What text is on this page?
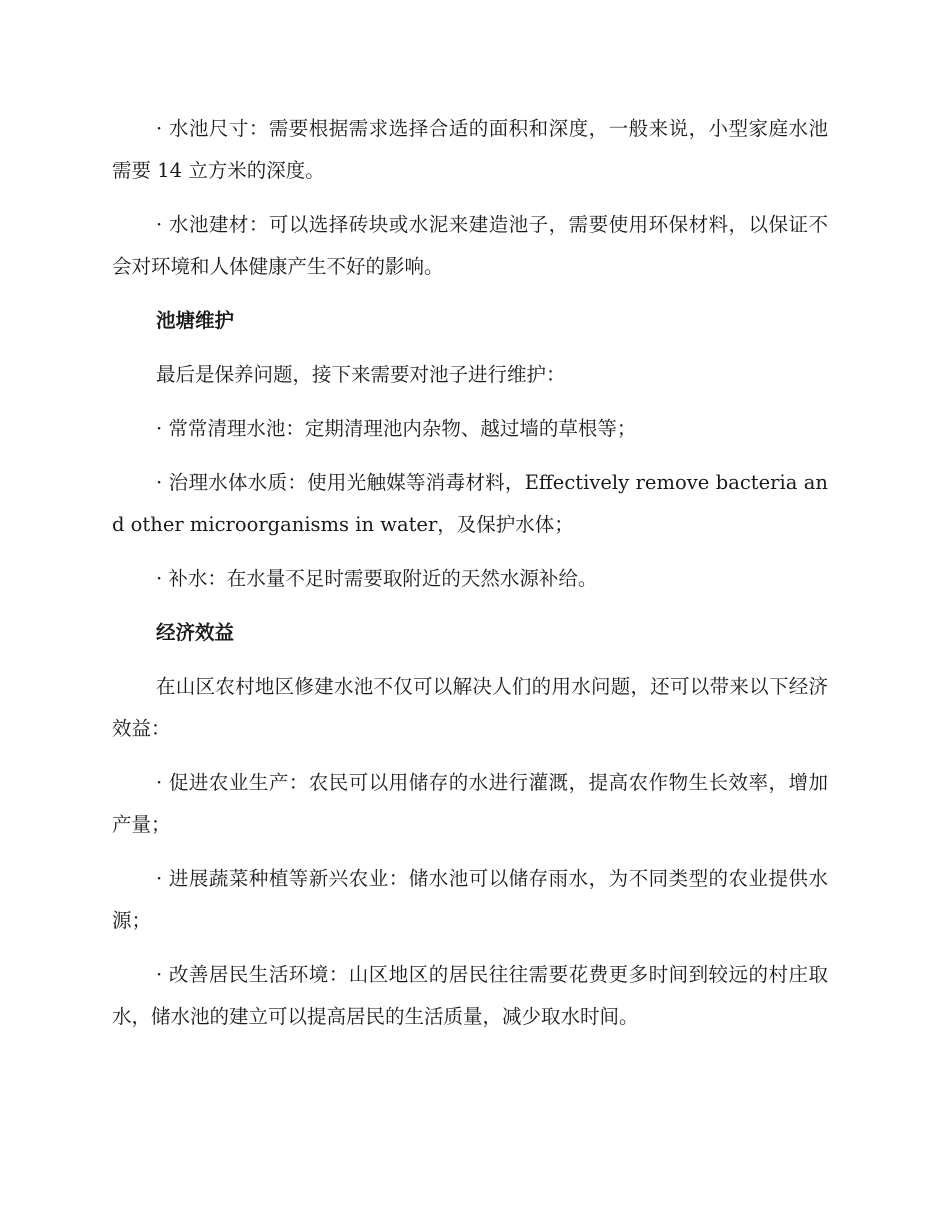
· 水池尺寸：需要根据需求选择合适的面积和深度，一般来说，小型家庭水池需要 14 立方米的深度。

· 水池建材：可以选择砖块或水泥来建造池子，需要使用环保材料，以保证不会对环境和人体健康产生不好的影响。

池塘维护

最后是保养问题，接下来需要对池子进行维护：

· 常常清理水池：定期清理池内杂物、越过墙的草根等；

· 治理水体水质：使用光触媒等消毒材料，Effectively remove bacteria and other microorganisms in water，及保护水体；

· 补水：在水量不足时需要取附近的天然水源补给。

经济效益

在山区农村地区修建水池不仅可以解决人们的用水问题，还可以带来以下经济效益：

· 促进农业生产：农民可以用储存的水进行灌溉，提高农作物生长效率，增加产量；

· 进展蔬菜种植等新兴农业：储水池可以储存雨水，为不同类型的农业提供水源；

· 改善居民生活环境：山区地区的居民往往需要花费更多时间到较远的村庄取水，储水池的建立可以提高居民的生活质量，减少取水时间。
